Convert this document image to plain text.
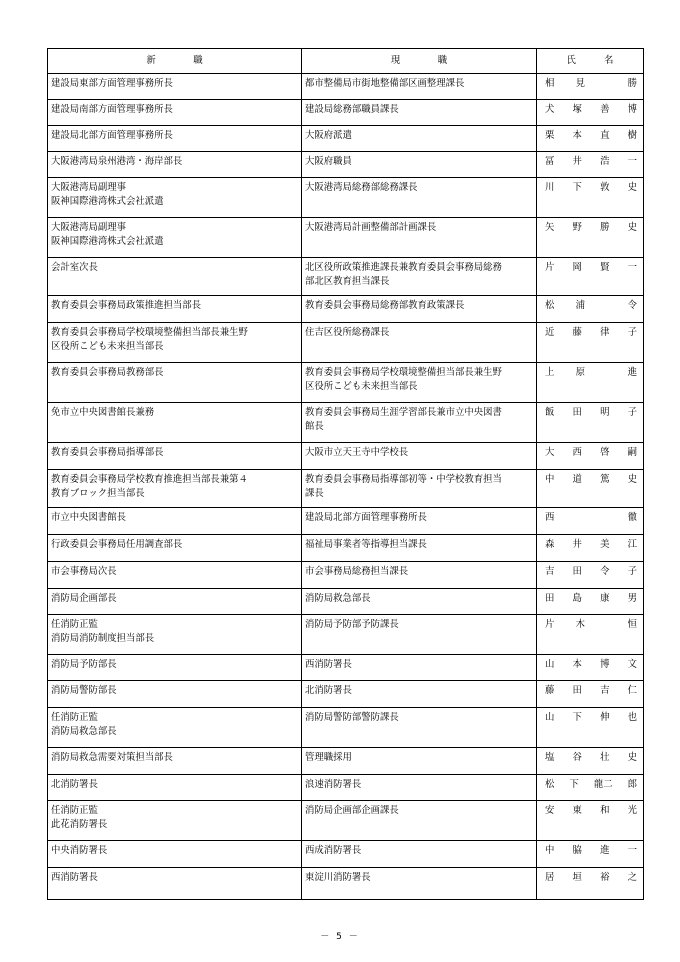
新　　　　職	現　　　　職	氏　　　名

建設局東部方面管理事務所長	都市整備局市街地整備部区画整理課長	相 見 勝

建設局南部方面管理事務所長	建設局総務部職員課長	犬 塚 善 博

建設局北部方面管理事務所長	大阪府派遣	栗 本 直 樹

大阪港湾局泉州港湾・海岸部長	大阪府職員	冨 井 浩 一

大阪港湾局副理事
阪神国際港湾株式会社派遣	大阪港湾局総務部総務課長	川 下 敦 史

大阪港湾局副理事
阪神国際港湾株式会社派遣	大阪港湾局計画整備部計画課長	矢 野 勝 史

会計室次長	北区役所政策推進課長兼教育委員会事務局総務
部北区教育担当課長	片 岡 賢 一

教育委員会事務局政策推進担当部長	教育委員会事務局総務部教育政策課長	松 浦 令

教育委員会事務局学校環境整備担当部長兼生野
区役所こども未来担当部長	住吉区役所総務課長	近 藤 律 子

教育委員会事務局教務部長	教育委員会事務局学校環境整備担当部長兼生野
区役所こども未来担当部長	上 原 進

免市立中央図書館長兼務	教育委員会事務局生涯学習部長兼市立中央図書
館長	飯 田 明 子

教育委員会事務局指導部長	大阪市立天王寺中学校長	大 西 啓 嗣

教育委員会事務局学校教育推進担当部長兼第４
教育ブロック担当部長	教育委員会事務局指導部初等・中学校教育担当
課長	中 道 篤 史

市立中央図書館長	建設局北部方面管理事務所長	西 徹

行政委員会事務局任用調査部長	福祉局事業者等指導担当課長	森 井 美 江

市会事務局次長	市会事務局総務担当課長	吉 田 令 子

消防局企画部長	消防局救急部長	田 島 康 男

任消防正監
消防局消防制度担当部長	消防局予防部予防課長	片 木 恒

消防局予防部長	西消防署長	山 本 博 文

消防局警防部長	北消防署長	藤 田 吉 仁

任消防正監
消防局救急部長	消防局警防部警防課長	山 下 伸 也

消防局救急需要対策担当部長	管理職採用	塩 谷 壮 史

北消防署長	浪速消防署長	松 下 龍二 郎

任消防正監
此花消防署長	消防局企画部企画課長	安 東 和 光

中央消防署長	西成消防署長	中 脇 進 一

西消防署長	東淀川消防署長	居 垣 裕 之
－ 5 －
